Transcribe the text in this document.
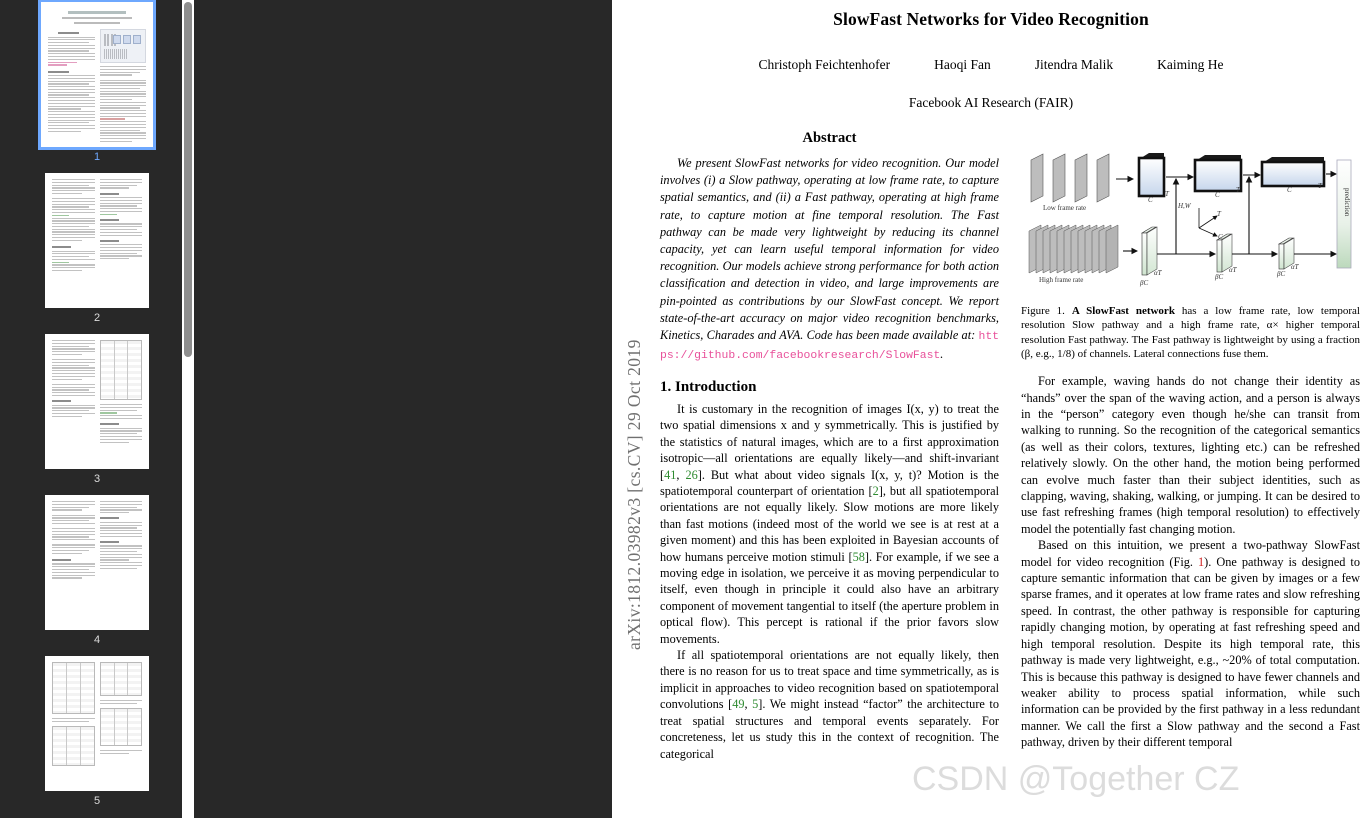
1
2
3
4
5
arXiv:1812.03982v3 [cs.CV] 29 Oct 2019
SlowFast Networks for Video Recognition
Christoph Feichtenhofer	Haoqi Fan	Jitendra Malik	Kaiming He
Facebook AI Research (FAIR)
Abstract
We present SlowFast networks for video recognition. Our model involves (i) a Slow pathway, operating at low frame rate, to capture spatial semantics, and (ii) a Fast pathway, operating at high frame rate, to capture motion at fine temporal resolution. The Fast pathway can be made very lightweight by reducing its channel capacity, yet can learn useful temporal information for video recognition. Our models achieve strong performance for both action classification and detection in video, and large improvements are pin-pointed as contributions by our SlowFast concept. We report state-of-the-art accuracy on major video recognition benchmarks, Kinetics, Charades and AVA. Code has been made available at: https://github.com/facebookresearch/SlowFast.
1. Introduction

It is customary in the recognition of images I(x, y) to treat the two spatial dimensions x and y symmetrically. This is justified by the statistics of natural images, which are to a first approximation isotropic—all orientations are equally likely—and shift-invariant [41, 26]. But what about video signals I(x, y, t)? Motion is the spatiotemporal counterpart of orientation [2], but all spatiotemporal orientations are not equally likely. Slow motions are more likely than fast motions (indeed most of the world we see is at rest at a given moment) and this has been exploited in Bayesian accounts of how humans perceive motion stimuli [58]. For example, if we see a moving edge in isolation, we perceive it as moving perpendicular to itself, even though in principle it could also have an arbitrary component of movement tangential to itself (the aperture problem in optical flow). This percept is rational if the prior favors slow movements.

If all spatiotemporal orientations are not equally likely, then there is no reason for us to treat space and time symmetrically, as is implicit in approaches to video recognition based on spatiotemporal convolutions [49, 5]. We might instead “factor” the architecture to treat spatial structures and temporal events separately. For concreteness, let us study this in the context of recognition. The categorical

Low frame rate
High frame rate
prediction
H,W
T
C
C
T	C
T	C	T
βC
αT	βC
αT	βC
αT
Figure 1. A SlowFast network has a low frame rate, low temporal resolution Slow pathway and a high frame rate, α× higher temporal resolution Fast pathway. The Fast pathway is lightweight by using a fraction (β, e.g., 1/8) of channels. Lateral connections fuse them.

For example, waving hands do not change their identity as “hands” over the span of the waving action, and a person is always in the “person” category even though he/she can transit from walking to running. So the recognition of the categorical semantics (as well as their colors, textures, lighting etc.) can be refreshed relatively slowly. On the other hand, the motion being performed can evolve much faster than their subject identities, such as clapping, waving, shaking, walking, or jumping. It can be desired to use fast refreshing frames (high temporal resolution) to effectively model the potentially fast changing motion.

Based on this intuition, we present a two-pathway SlowFast model for video recognition (Fig. 1). One pathway is designed to capture semantic information that can be given by images or a few sparse frames, and it operates at low frame rates and slow refreshing speed. In contrast, the other pathway is responsible for capturing rapidly changing motion, by operating at fast refreshing speed and high temporal resolution. Despite its high temporal rate, this pathway is made very lightweight, e.g., ~20% of total computation. This is because this pathway is designed to have fewer channels and weaker ability to process spatial information, while such information can be provided by the first pathway in a less redundant manner. We call the first a Slow pathway and the second a Fast pathway, driven by their different temporal

CSDN @Together CZ
